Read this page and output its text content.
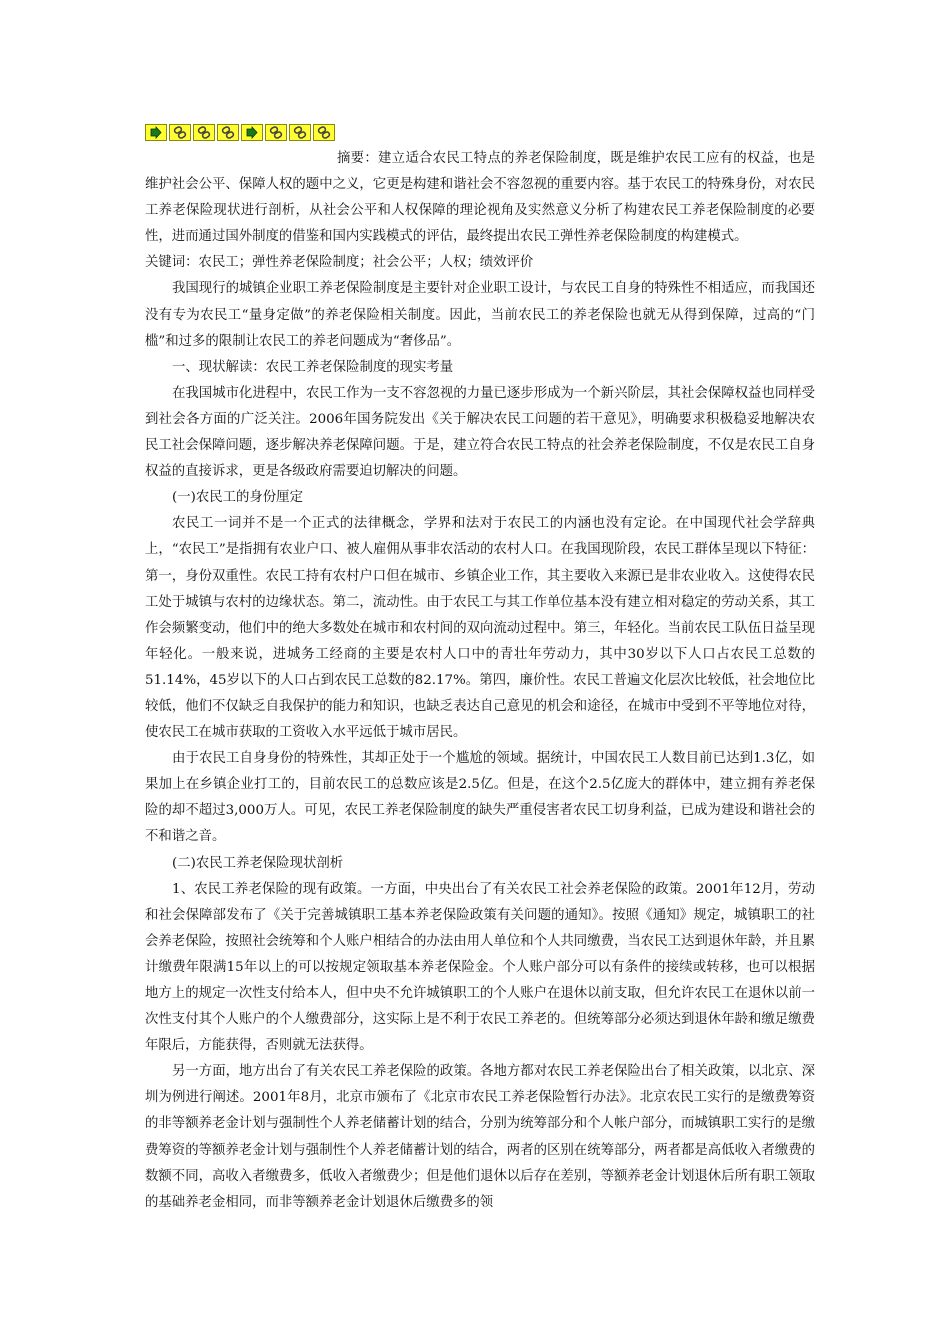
摘要：建立适合农民工特点的养老保险制度，既是维护农民工应有的权益，也是维护社会公平、保障人权的题中之义，它更是构建和谐社会不容忽视的重要内容。基于农民工的特殊身份，对农民工养老保险现状进行剖析，从社会公平和人权保障的理论视角及实然意义分析了构建农民工养老保险制度的必要性，进而通过国外制度的借鉴和国内实践模式的评估，最终提出农民工弹性养老保险制度的构建模式。

关键词：农民工；弹性养老保险制度；社会公平；人权；绩效评价

我国现行的城镇企业职工养老保险制度是主要针对企业职工设计，与农民工自身的特殊性不相适应，而我国还没有专为农民工“量身定做”的养老保险相关制度。因此，当前农民工的养老保险也就无从得到保障，过高的“门槛”和过多的限制让农民工的养老问题成为“奢侈品”。

一、现状解读：农民工养老保险制度的现实考量

在我国城市化进程中，农民工作为一支不容忽视的力量已逐步形成为一个新兴阶层，其社会保障权益也同样受到社会各方面的广泛关注。2006年国务院发出《关于解决农民工问题的若干意见》，明确要求积极稳妥地解决农民工社会保障问题，逐步解决养老保障问题。于是，建立符合农民工特点的社会养老保险制度，不仅是农民工自身权益的直接诉求，更是各级政府需要迫切解决的问题。

(一)农民工的身份厘定

农民工一词并不是一个正式的法律概念，学界和法对于农民工的内涵也没有定论。在中国现代社会学辞典上，“农民工”是指拥有农业户口、被人雇佣从事非农活动的农村人口。在我国现阶段，农民工群体呈现以下特征：第一，身份双重性。农民工持有农村户口但在城市、乡镇企业工作，其主要收入来源已是非农业收入。这使得农民工处于城镇与农村的边缘状态。第二，流动性。由于农民工与其工作单位基本没有建立相对稳定的劳动关系，其工作会频繁变动，他们中的绝大多数处在城市和农村间的双向流动过程中。第三，年轻化。当前农民工队伍日益呈现年轻化。一般来说，进城务工经商的主要是农村人口中的青壮年劳动力，其中30岁以下人口占农民工总数的51.14%，45岁以下的人口占到农民工总数的82.17%。第四，廉价性。农民工普遍文化层次比较低，社会地位比较低，他们不仅缺乏自我保护的能力和知识，也缺乏表达自己意见的机会和途径，在城市中受到不平等地位对待，使农民工在城市获取的工资收入水平远低于城市居民。

由于农民工自身身份的特殊性，其却正处于一个尴尬的领域。据统计，中国农民工人数目前已达到1.3亿，如果加上在乡镇企业打工的，目前农民工的总数应该是2.5亿。但是，在这个2.5亿庞大的群体中，建立拥有养老保险的却不超过3,000万人。可见，农民工养老保险制度的缺失严重侵害者农民工切身利益，已成为建设和谐社会的不和谐之音。

(二)农民工养老保险现状剖析

1、农民工养老保险的现有政策。一方面，中央出台了有关农民工社会养老保险的政策。2001年12月，劳动和社会保障部发布了《关于完善城镇职工基本养老保险政策有关问题的通知》。按照《通知》规定，城镇职工的社会养老保险，按照社会统筹和个人账户相结合的办法由用人单位和个人共同缴费，当农民工达到退休年龄，并且累计缴费年限满15年以上的可以按规定领取基本养老保险金。个人账户部分可以有条件的接续或转移，也可以根据地方上的规定一次性支付给本人，但中央不允许城镇职工的个人账户在退休以前支取，但允许农民工在退休以前一次性支付其个人账户的个人缴费部分，这实际上是不利于农民工养老的。但统筹部分必须达到退休年龄和缴足缴费年限后，方能获得，否则就无法获得。

另一方面，地方出台了有关农民工养老保险的政策。各地方都对农民工养老保险出台了相关政策，以北京、深圳为例进行阐述。2001年8月，北京市颁布了《北京市农民工养老保险暂行办法》。北京农民工实行的是缴费筹资的非等额养老金计划与强制性个人养老储蓄计划的结合，分别为统筹部分和个人帐户部分，而城镇职工实行的是缴费筹资的等额养老金计划与强制性个人养老储蓄计划的结合，两者的区别在统筹部分，两者都是高低收入者缴费的数额不同，高收入者缴费多，低收入者缴费少；但是他们退休以后存在差别，等额养老金计划退休后所有职工领取的基础养老金相同，而非等额养老金计划退休后缴费多的领
